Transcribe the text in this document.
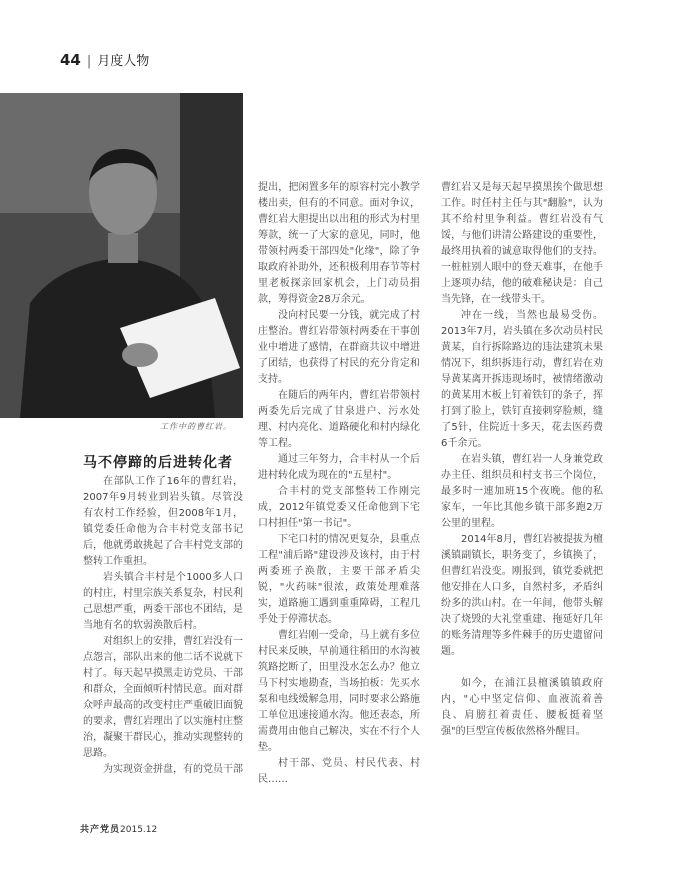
44 | 月度人物
工作中的曹红岩。
马不停蹄的后进转化者

在部队工作了16年的曹红岩，2007年9月转业到岩头镇。尽管没有农村工作经验，但2008年1月，镇党委任命他为合丰村党支部书记后，他就勇敢挑起了合丰村党支部的整转工作重担。

岩头镇合丰村是个1000多人口的村庄，村里宗族关系复杂，村民利己思想严重，两委干部也不团结，是当地有名的软弱涣散后村。

对组织上的安排，曹红岩没有一点怨言，部队出来的他二话不说就下村了。每天起早摸黑走访党员、干部和群众，全面倾听村情民意。面对群众呼声最高的改变村庄严重破旧面貌的要求，曹红岩理出了以实施村庄整治，凝聚干群民心，推动实现整转的思路。

为实现资金拼盘，有的党员干部

提出，把闲置多年的原容村完小教学楼出卖，但有的不同意。面对争议，曹红岩大胆提出以出租的形式为村里筹款，统一了大家的意见，同时，他带领村两委干部四处"化缘"，除了争取政府补助外，还积极利用春节等村里老板探亲回家机会，上门动员捐款，筹得资金28万余元。

没向村民要一分钱，就完成了村庄整治。曹红岩带领村两委在干事创业中增进了感情，在群商共议中增进了团结，也获得了村民的充分肯定和支持。

在随后的两年内，曹红岩带领村两委先后完成了甘泉进户、污水处理、村内亮化、道路硬化和村内绿化等工程。

通过三年努力，合丰村从一个后进村转化成为现在的"五星村"。

合丰村的党支部整转工作刚完成，2012年镇党委又任命他到下宅口村担任"第一书记"。

下宅口村的情况更复杂，县重点工程"浦后路"建设涉及该村，由于村两委班子涣散，主要干部矛盾尖锐，"火药味"很浓，政策处理难落实，道路施工遇到重重障碍，工程几乎处于停滞状态。

曹红岩刚一受命，马上就有多位村民来反映，早前通往稻田的水沟被筑路挖断了，田里没水怎么办？他立马下村实地勘查，当场拍板：先买水泵和电线缓解急用，同时要求公路施工单位迅速接通水沟。他还表态，所需费用由他自己解决，实在不行个人垫。

村干部、党员、村民代表、村民……

曹红岩又是每天起早摸黑挨个做思想工作。时任村主任与其"翻脸"，认为其不给村里争利益。曹红岩没有气馁，与他们讲清公路建设的重要性，最终用执着的诚意取得他们的支持。一桩桩别人眼中的登天难事，在他手上逐项办结，他的破难秘诀是：自己当先锋，在一线带头干。

冲在一线，当然也最易受伤。2013年7月，岩头镇在多次动员村民黄某，自行拆除路边的违法建筑未果情况下，组织拆违行动，曹红岩在劝导黄某离开拆违现场时，被情绪激动的黄某用木板上钉着铁钉的条子，挥打到了脸上，铁钉直接刺穿脸颊，缝了5针，住院近十多天，花去医药费6千余元。

在岩头镇，曹红岩一人身兼党政办主任、组织员和村支书三个岗位，最多时一連加班15个夜晚。他的私家车，一年比其他乡镇干部多跑2万公里的里程。

2014年8月，曹红岩被提拔为檀溪镇副镇长，职务变了，乡镇换了，但曹红岩没变。刚报到，镇党委就把他安排在人口多，自然村多，矛盾纠纷多的洪山村。在一年间，他带头解决了烧毁的大礼堂重建、拖延好几年的账务清理等多件棘手的历史遗留问题。

如今，在浦江县檀溪镇镇政府内，"心中坚定信仰、血液流着善良、肩膀扛着责任、腰板挺着坚强"的巨型宣传板依然格外醒目。

共产党员2015.12
